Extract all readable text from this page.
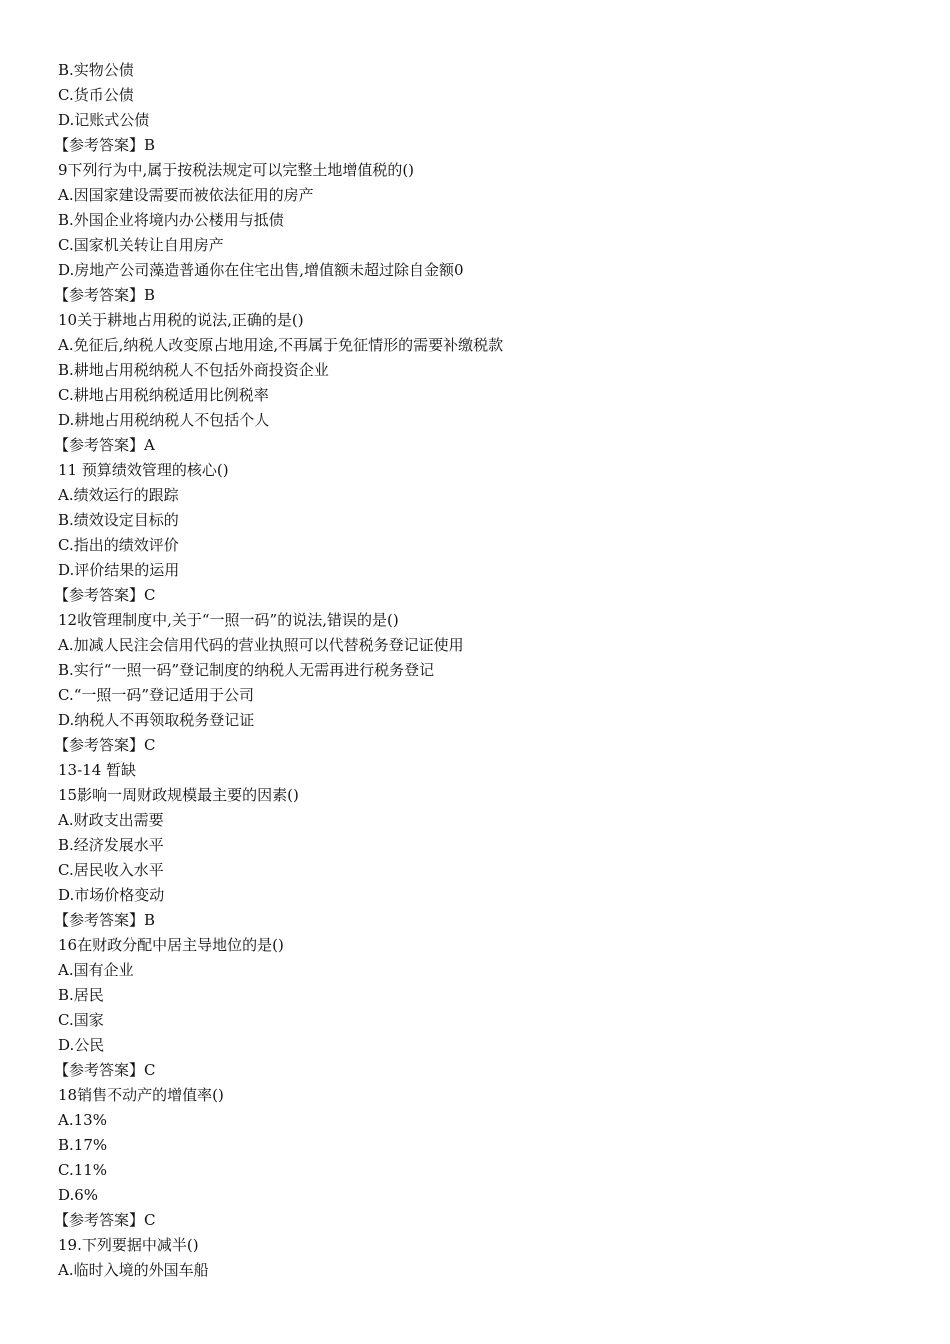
B.实物公债
C.货币公债
D.记账式公债
【参考答案】B
9下列行为中,属于按税法规定可以完整土地增值税的()
A.因国家建设需要而被依法征用的房产
B.外国企业将境内办公楼用与抵债
C.国家机关转让自用房产
D.房地产公司藻造普通你在住宅出售,增值额未超过除自金额0
【参考答案】B
10关于耕地占用税的说法,正确的是()
A.免征后,纳税人改变原占地用途,不再属于免征情形的需要补缴税款
B.耕地占用税纳税人不包括外商投资企业
C.耕地占用税纳税适用比例税率
D.耕地占用税纳税人不包括个人
【参考答案】A
11 预算绩效管理的核心()
A.绩效运行的跟踪
B.绩效设定目标的
C.指出的绩效评价
D.评价结果的运用
【参考答案】C
12收管理制度中,关于“一照一码”的说法,错误的是()
A.加减人民注会信用代码的营业执照可以代替税务登记证使用
B.实行“一照一码”登记制度的纳税人无需再进行税务登记
C.“一照一码”登记适用于公司
D.纳税人不再领取税务登记证
【参考答案】C
13-14 暂缺
15影响一周财政规模最主要的因素()
A.财政支出需要
B.经济发展水平
C.居民收入水平
D.市场价格变动
【参考答案】B
16在财政分配中居主导地位的是()
A.国有企业
B.居民
C.国家
D.公民
【参考答案】C
18销售不动产的增值率()
A.13%
B.17%
C.11%
D.6%
【参考答案】C
19.下列要据中减半()
A.临时入境的外国车船
